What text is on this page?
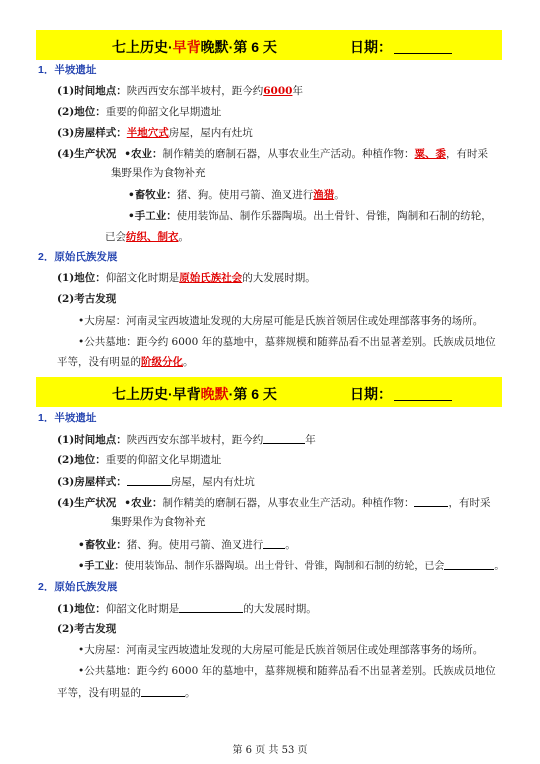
七上历史·早背晚默·第 6 天	日期：
1．半坡遗址
(1)时间地点：陕西西安东部半坡村，距今约6000年
(2)地位：重要的仰韶文化早期遗址
(3)房屋样式：半地穴式房屋，屋内有灶坑
(4)生产状况 •农业：制作精美的磨制石器，从事农业生产活动。种植作物：粟、黍，有时采
集野果作为食物补充
•畜牧业：猪、狗。使用弓箭、渔叉进行渔猎。
•手工业：使用装饰品、制作乐器陶埙。出土骨针、骨锥，陶制和石制的纺轮，
已会纺织、制衣。
2．原始氏族发展
(1)地位：仰韶文化时期是原始氏族社会的大发展时期。
(2)考古发现
•大房屋：河南灵宝西坡遗址发现的大房屋可能是氏族首领居住或处理部落事务的场所。
•公共墓地：距今约 6000 年的墓地中，墓葬规模和随葬品看不出显著差别。氏族成员地位
平等，没有明显的阶级分化。
七上历史·早背晚默·第 6 天	日期：
1．半坡遗址
(1)时间地点：陕西西安东部半坡村，距今约	年
(2)地位：重要的仰韶文化早期遗址
(3)房屋样式：	房屋，屋内有灶坑
(4)生产状况 •农业：制作精美的磨制石器，从事农业生产活动。种植作物：	，有时采
集野果作为食物补充
•畜牧业：猪、狗。使用弓箭、渔叉进行 。
•手工业：使用装饰品、制作乐器陶埙。出土骨针、骨锥，陶制和石制的纺轮，已会	。
2．原始氏族发展
(1)地位：仰韶文化时期是	的大发展时期。
(2)考古发现
•大房屋：河南灵宝西坡遗址发现的大房屋可能是氏族首领居住或处理部落事务的场所。
•公共墓地：距今约 6000 年的墓地中，墓葬规模和随葬品看不出显著差别。氏族成员地位
平等，没有明显的	。
第 6 页 共 53 页
